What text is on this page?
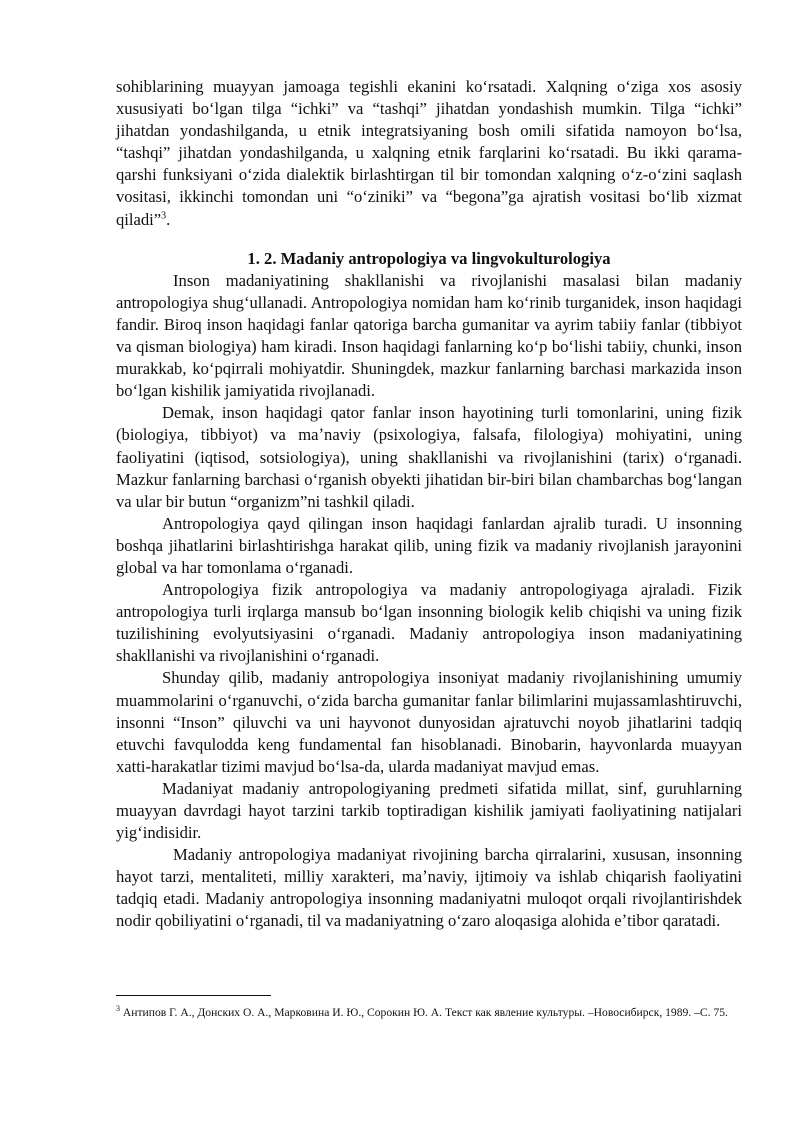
sohiblarining muayyan jamoaga tegishli ekanini koʻrsatadi. Xalqning oʻziga xos asosiy xususiyati boʻlgan tilga “ichki” va “tashqi” jihatdan yondashish mumkin. Tilga “ichki” jihatdan yondashilganda, u etnik integratsiyaning bosh omili sifatida namoyon boʻlsa, “tashqi” jihatdan yondashilganda, u xalqning etnik farqlarini koʻrsatadi. Bu ikki qarama-qarshi funksiyani oʻzida dialektik birlashtirgan til bir tomondan xalqning oʻz-oʻzini saqlash vositasi, ikkinchi tomondan uni “oʻziniki” va “begona”ga ajratish vositasi boʻlib xizmat qiladi”$^3$.

1. 2. Madaniy antropologiya va lingvokulturologiya

Inson madaniyatining shakllanishi va rivojlanishi masalasi bilan madaniy antropologiya shugʻullanadi. Antropologiya nomidan ham koʻrinib turganidek, inson haqidagi fandir. Biroq inson haqidagi fanlar qatoriga barcha gumanitar va ayrim tabiiy fanlar (tibbiyot va qisman biologiya) ham kiradi. Inson haqidagi fanlarning koʻp boʻlishi tabiiy, chunki, inson murakkab, koʻpqirrali mohiyatdir. Shuningdek, mazkur fanlarning barchasi markazida inson boʻlgan kishilik jamiyatida rivojlanadi.

Demak, inson haqidagi qator fanlar inson hayotining turli tomonlarini, uning fizik (biologiya, tibbiyot) va maʼnaviy (psixologiya, falsafa, filologiya) mohiyatini, uning faoliyatini (iqtisod, sotsiologiya), uning shakllanishi va rivojlanishini (tarix) oʻrganadi. Mazkur fanlarning barchasi oʻrganish obyekti jihatidan bir-biri bilan chambarchas bogʻlangan va ular bir butun “organizm”ni tashkil qiladi.

Antropologiya qayd qilingan inson haqidagi fanlardan ajralib turadi. U insonning boshqa jihatlarini birlashtirishga harakat qilib, uning fizik va madaniy rivojlanish jarayonini global va har tomonlama oʻrganadi.

Antropologiya fizik antropologiya va madaniy antropologiyaga ajraladi. Fizik antropologiya turli irqlarga mansub boʻlgan insonning biologik kelib chiqishi va uning fizik tuzilishining evolyutsiyasini oʻrganadi. Madaniy antropologiya inson madaniyatining shakllanishi va rivojlanishini oʻrganadi.

Shunday qilib, madaniy antropologiya insoniyat madaniy rivojlanishining umumiy muammolarini oʻrganuvchi, oʻzida barcha gumanitar fanlar bilimlarini mujassamlashtiruvchi, insonni “Inson” qiluvchi va uni hayvonot dunyosidan ajratuvchi noyob jihatlarini tadqiq etuvchi favqulodda keng fundamental fan hisoblanadi. Binobarin, hayvonlarda muayyan xatti-harakatlar tizimi mavjud boʻlsa-da, ularda madaniyat mavjud emas.

Madaniyat madaniy antropologiyaning predmeti sifatida millat, sinf, guruhlarning muayyan davrdagi hayot tarzini tarkib toptiradigan kishilik jamiyati faoliyatining natijalari yigʻindisidir.

Madaniy antropologiya madaniyat rivojining barcha qirralarini, xususan, insonning hayot tarzi, mentaliteti, milliy xarakteri, maʼnaviy, ijtimoiy va ishlab chiqarish faoliyatini tadqiq etadi. Madaniy antropologiya insonning madaniyatni muloqot orqali rivojlantirishdek nodir qobiliyatini oʻrganadi, til va madaniyatning oʻzaro aloqasiga alohida eʼtibor qaratadi.

$^3$ Антипов Г. А., Донских О. А., Марковина И. Ю., Сорокин Ю. А. Текст как явление культуры. –Новосибирск, 1989. –С. 75.
